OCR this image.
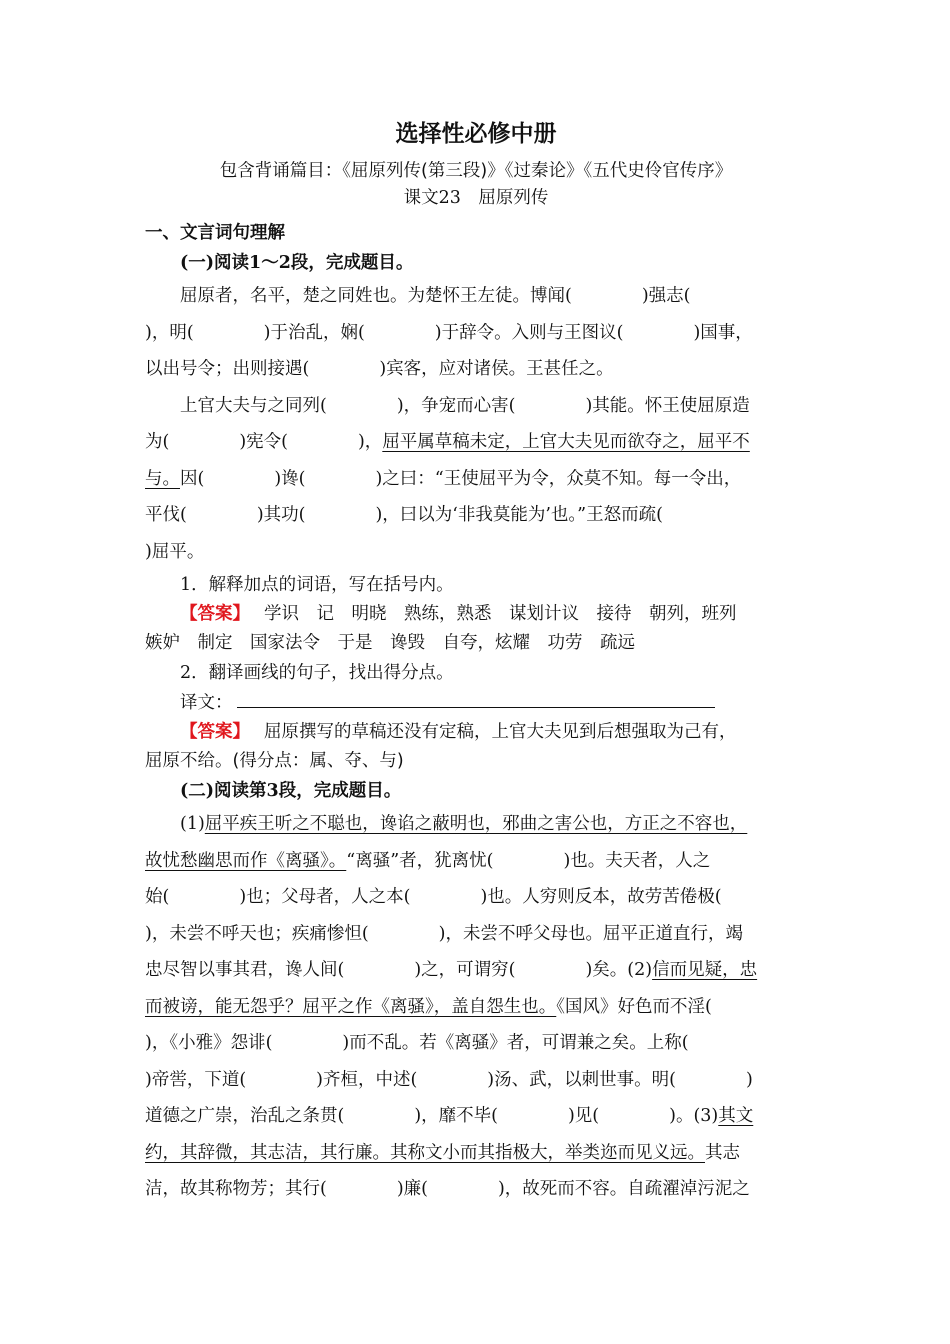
选择性必修中册

包含背诵篇目：《屈原列传(第三段)》《过秦论》《五代史伶官传序》

课文23　屈原列传

一、文言词句理解

(一)阅读1～2段，完成题目。

屈原者，名平，楚之同姓也。为楚怀王左徒。博闻(　　　　)强志(

)，明(　　　　)于治乱，娴(　　　　)于辞令。入则与王图议(　　　　)国事，

以出号令；出则接遇(　　　　)宾客，应对诸侯。王甚任之。

上官大夫与之同列(　　　　)，争宠而心害(　　　　)其能。怀王使屈原造

为(　　　　)宪令(　　　　)，屈平属草稿未定，上官大夫见而欲夺之，屈平不

与。因(　　　　)谗(　　　　)之曰：“王使屈平为令，众莫不知。每一令出，

平伐(　　　　)其功(　　　　)，曰以为‘非我莫能为’也。”王怒而疏(

)屈平。

1．解释加点的词语，写在括号内。

【答案】 学识　记　明晓　熟练，熟悉　谋划计议　接待　朝列，班列

嫉妒　制定　国家法令　于是　谗毁　自夸，炫耀　功劳　疏远

2．翻译画线的句子，找出得分点。

译文：

【答案】 屈原撰写的草稿还没有定稿，上官大夫见到后想强取为己有，

屈原不给。(得分点：属、夺、与)

(二)阅读第3段，完成题目。

(1)屈平疾王听之不聪也，谗谄之蔽明也，邪曲之害公也，方正之不容也，

故忧愁幽思而作《离骚》。“离骚”者，犹离忧(　　　　)也。夫天者，人之

始(　　　　)也；父母者，人之本(　　　　)也。人穷则反本，故劳苦倦极(

)，未尝不呼天也；疾痛惨怛(　　　　)，未尝不呼父母也。屈平正道直行，竭

忠尽智以事其君，谗人间(　　　　)之，可谓穷(　　　　)矣。(2)信而见疑，忠

而被谤，能无怨乎？屈平之作《离骚》，盖自怨生也。《国风》好色而不淫(

)，《小雅》怨诽(　　　　)而不乱。若《离骚》者，可谓兼之矣。上称(

)帝喾，下道(　　　　)齐桓，中述(　　　　)汤、武，以刺世事。明(　　　　)

道德之广崇，治乱之条贯(　　　　)，靡不毕(　　　　)见(　　　　)。(3)其文

约，其辞微，其志洁，其行廉。其称文小而其指极大，举类迩而见义远。其志

洁，故其称物芳；其行(　　　　)廉(　　　　)，故死而不容。自疏濯淖污泥之
